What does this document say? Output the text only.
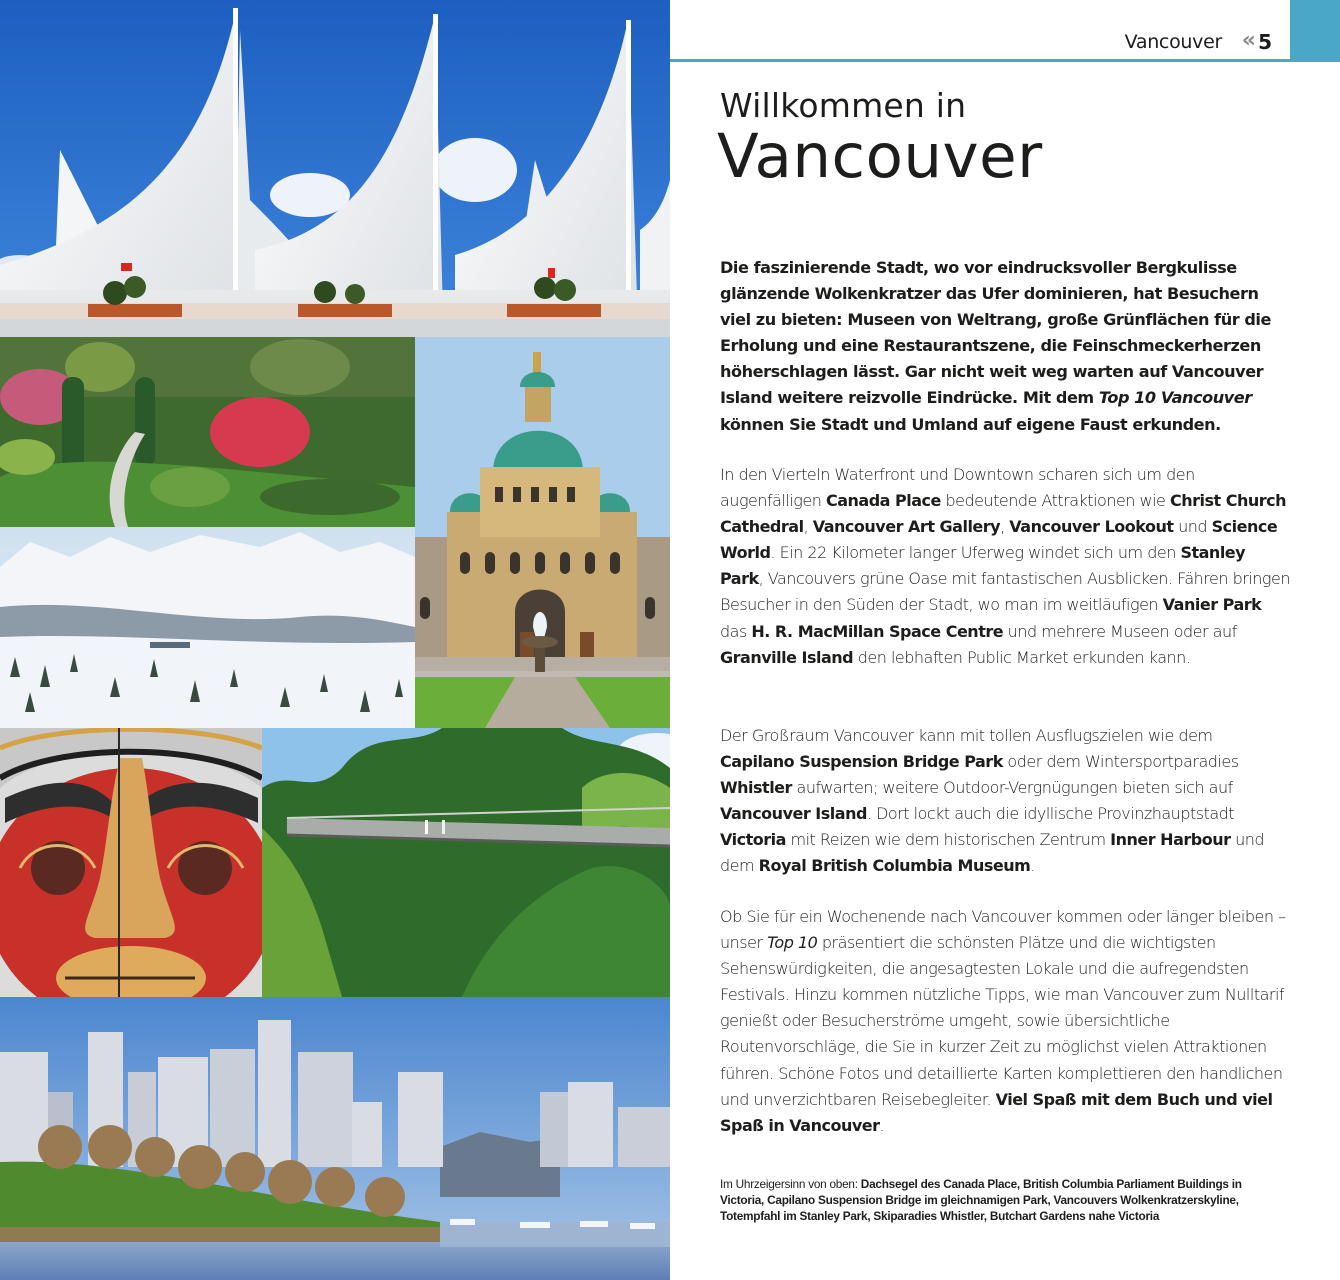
Vancouver « 5
Willkommen in
Vancouver

Die faszinierende Stadt, wo vor eindrucksvoller Bergkulisse glänzende Wolkenkratzer das Ufer dominieren, hat Besuchern viel zu bieten: Museen von Weltrang, große Grünflächen für die Erholung und eine Restaurantszene, die Feinschmeckerherzen höherschlagen lässt. Gar nicht weit weg warten auf Vancouver Island weitere reizvolle Eindrücke. Mit dem Top 10 Vancouver können Sie Stadt und Umland auf eigene Faust erkunden.

In den Vierteln Waterfront und Downtown scharen sich um den augenfälligen Canada Place bedeutende Attraktionen wie Christ Church Cathedral, Vancouver Art Gallery, Vancouver Lookout und Science World. Ein 22 Kilometer langer Uferweg windet sich um den Stanley Park, Vancouvers grüne Oase mit fantastischen Ausblicken. Fähren bringen Besucher in den Süden der Stadt, wo man im weitläufigen Vanier Park das H. R. MacMillan Space Centre und mehrere Museen oder auf Granville Island den lebhaften Public Market erkunden kann.

Der Großraum Vancouver kann mit tollen Ausflugszielen wie dem Capilano Suspension Bridge Park oder dem Wintersportparadies Whistler aufwarten; weitere Outdoor-Vergnügungen bieten sich auf Vancouver Island. Dort lockt auch die idyllische Provinzhauptstadt Victoria mit Reizen wie dem historischen Zentrum Inner Harbour und dem Royal British Columbia Museum.

Ob Sie für ein Wochenende nach Vancouver kommen oder länger bleiben – unser Top 10 präsentiert die schönsten Plätze und die wichtigsten Sehenswürdigkeiten, die angesagtesten Lokale und die aufregendsten Festivals. Hinzu kommen nützliche Tipps, wie man Vancouver zum Nulltarif genießt oder Besucherströme umgeht, sowie übersichtliche Routenvorschläge, die Sie in kurzer Zeit zu möglichst vielen Attraktionen führen. Schöne Fotos und detaillierte Karten komplettieren den handlichen und unverzichtbaren Reisebegleiter. Viel Spaß mit dem Buch und viel Spaß in Vancouver.

Im Uhrzeigersinn von oben: Dachsegel des Canada Place, British Columbia Parliament Buildings in Victoria, Capilano Suspension Bridge im gleichnamigen Park, Vancouvers Wolkenkratzerskyline, Totempfahl im Stanley Park, Skiparadies Whistler, Butchart Gardens nahe Victoria
